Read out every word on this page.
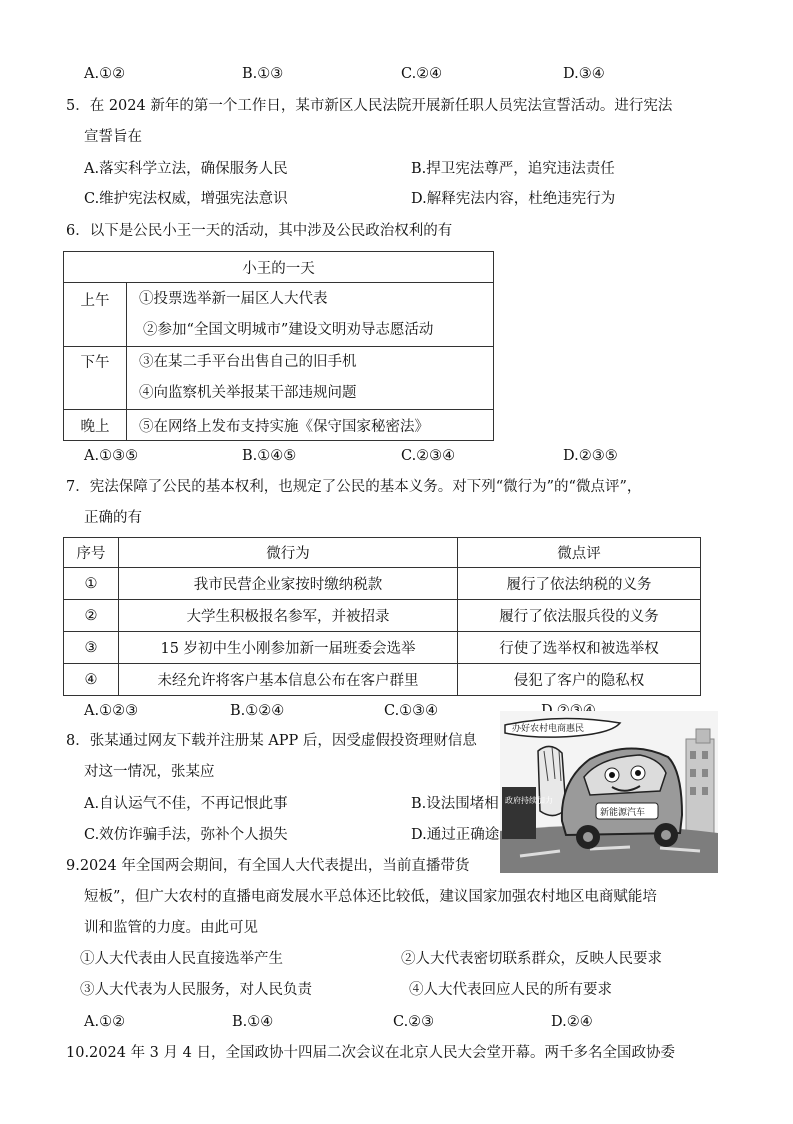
A.①②	B.①③	C.②④	D.③④
5．在 2024 新年的第一个工作日，某市新区人民法院开展新任职人员宪法宣誓活动。进行宪法
宣誓旨在
A.落实科学立法，确保服务人民	B.捍卫宪法尊严，追究违法责任
C.维护宪法权威，增强宪法意识	D.解释宪法内容，杜绝违宪行为
6．以下是公民小王一天的活动，其中涉及公民政治权利的有
小王的一天	
上午	①投票选举新一届区人大代表
②参加“全国文明城市”建设文明劝导志愿活动

下午	③在某二手平台出售自己的旧手机
④向监察机关举报某干部违规问题

晚上	⑤在网络上发布支持实施《保守国家秘密法》
A.①③⑤	B.①④⑤	C.②③④	D.②③⑤
7．宪法保障了公民的基本权利，也规定了公民的基本义务。对下列“微行为”的“微点评”，
正确的有
序号	微行为	微点评
①	我市民营企业家按时缴纳税款	履行了依法纳税的义务
②	大学生积极报名参军，并被招录	履行了依法服兵役的义务
③	15 岁初中生小刚参加新一届班委会选举	行使了选举权和被选举权
④	未经允许将客户基本信息公布在客户群里	侵犯了客户的隐私权
A.①②③	B.①②④	C.①③④
8．张某通过网友下载并注册某 APP 后，因受虚假投资理财信息
对这一情况，张某应
A.自认运气不佳，不再记恨此事	B.设法围堵相
C.效仿诈骗手法，弥补个人损失	D.通过正确途
9.2024 年全国两会期间，有全国人大代表提出，当前直播带货
短板”，但广大农村的直播电商发展水平总体还比较低，建议国家加强农村地区电商赋能培
训和监管的力度。由此可见
①人大代表由人民直接选举产生	②人大代表密切联系群众，反映人民要求
③人大代表为人民服务，对人民负责	④人大代表回应人民的所有要求
A.①②	B.①④	C.②③	D.②④
10.2024 年 3 月 4 日，全国政协十四届二次会议在北京人民大会堂开幕。两千多名全国政协委
办好农村电商惠民
政府持续加力
新能源汽车
